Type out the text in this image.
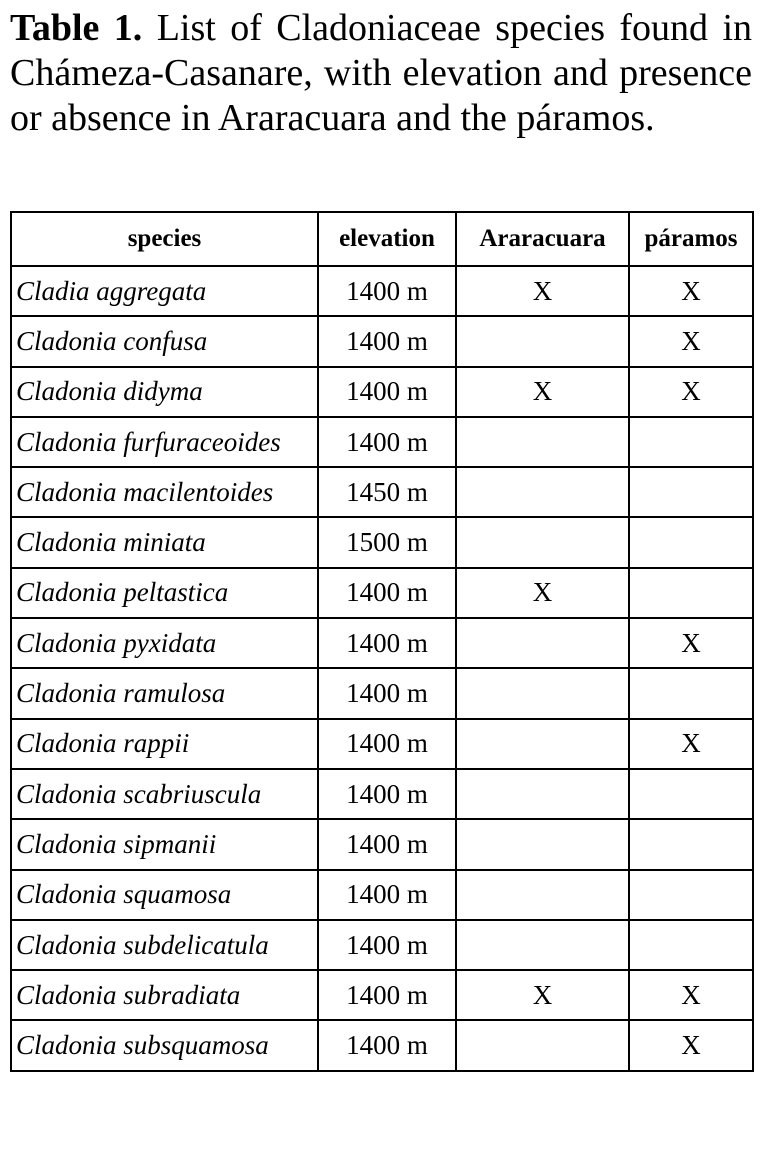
Table 1. List of Cladoniaceae species found in Chámeza-Casanare, with elevation and presence or absence in Araracuara and the páramos.
species	elevation	Araracuara	páramos
Cladia aggregata	1400 m	X	X
Cladonia confusa	1400 m		X
Cladonia didyma	1400 m	X	X
Cladonia furfuraceoides	1400 m		
Cladonia macilentoides	1450 m		
Cladonia miniata	1500 m		
Cladonia peltastica	1400 m	X	
Cladonia pyxidata	1400 m		X
Cladonia ramulosa	1400 m		
Cladonia rappii	1400 m		X
Cladonia scabriuscula	1400 m		
Cladonia sipmanii	1400 m		
Cladonia squamosa	1400 m		
Cladonia subdelicatula	1400 m		
Cladonia subradiata	1400 m	X	X
Cladonia subsquamosa	1400 m		X
